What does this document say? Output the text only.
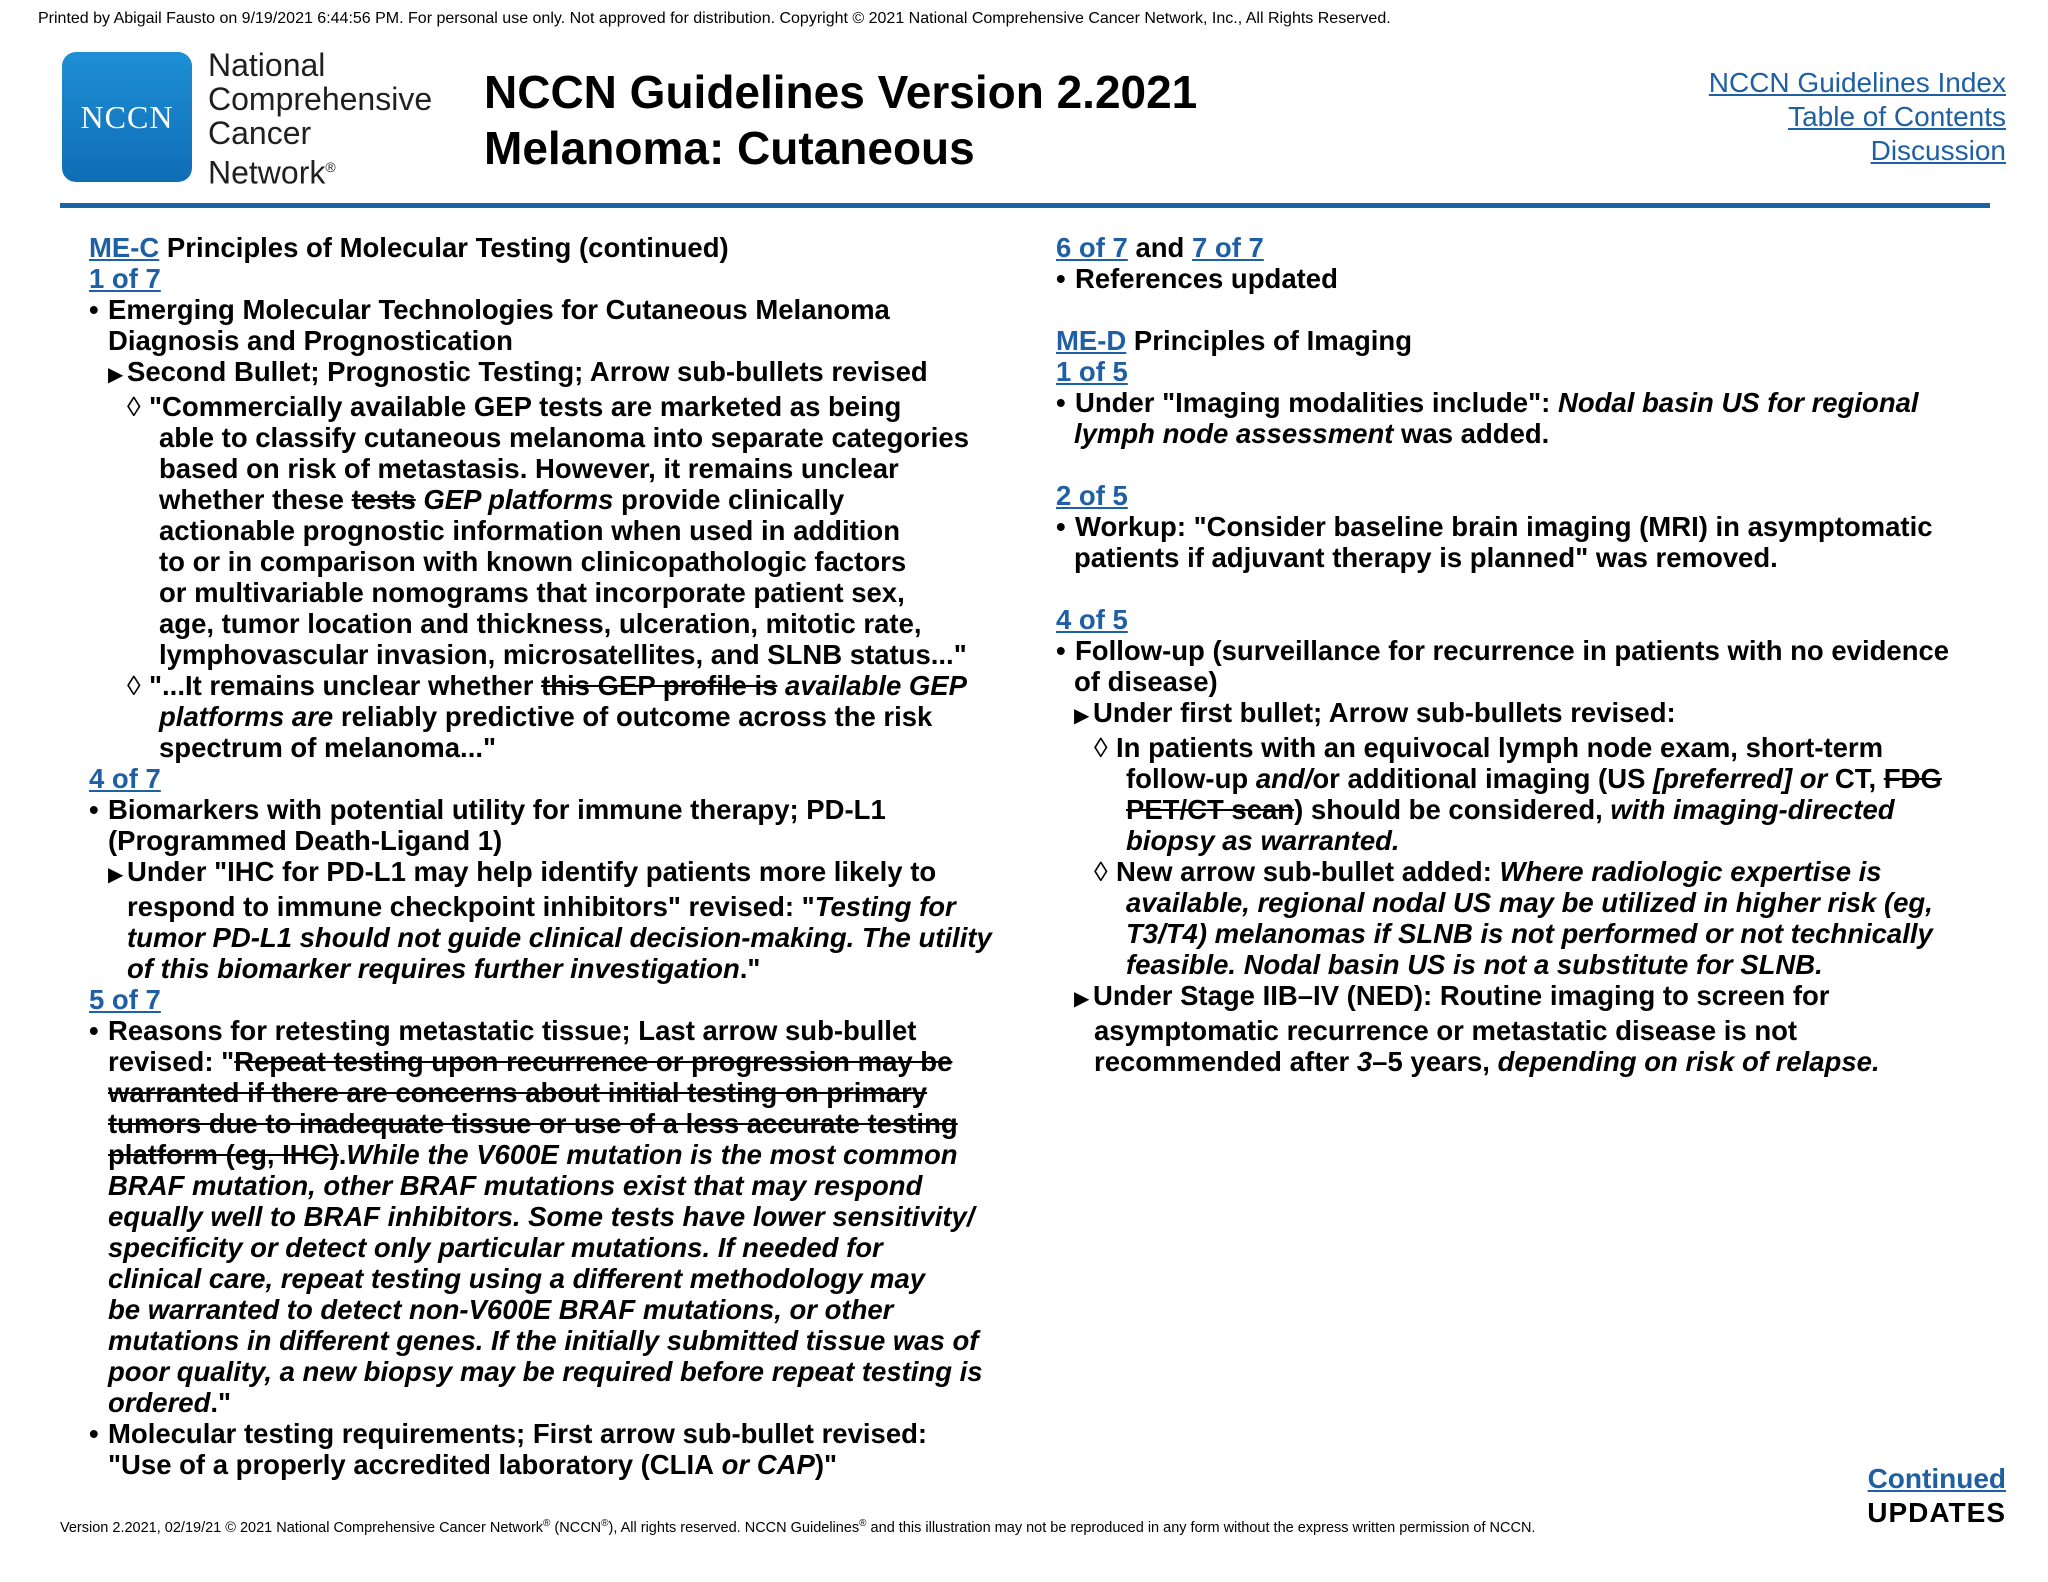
Printed by Abigail Fausto on 9/19/2021 6:44:56 PM. For personal use only. Not approved for distribution. Copyright © 2021 National Comprehensive Cancer Network, Inc., All Rights Reserved.
NCCN
National
Comprehensive
Cancer
Network®
NCCN Guidelines Version 2.2021
Melanoma: Cutaneous
NCCN Guidelines Index
Table of Contents
Discussion
ME-C Principles of Molecular Testing (continued)
1 of 7
• Emerging Molecular Technologies for Cutaneous Melanoma
Diagnosis and Prognostication
▶ Second Bullet; Prognostic Testing; Arrow sub-bullets revised
◊ "Commercially available GEP tests are marketed as being
able to classify cutaneous melanoma into separate categories
based on risk of metastasis. However, it remains unclear
whether these tests GEP platforms provide clinically
actionable prognostic information when used in addition
to or in comparison with known clinicopathologic factors
or multivariable nomograms that incorporate patient sex,
age, tumor location and thickness, ulceration, mitotic rate,
lymphovascular invasion, microsatellites, and SLNB status..."
◊ "...It remains unclear whether this GEP profile is available GEP
platforms are reliably predictive of outcome across the risk
spectrum of melanoma..."
4 of 7
• Biomarkers with potential utility for immune therapy; PD-L1
(Programmed Death-Ligand 1)
▶ Under "IHC for PD-L1 may help identify patients more likely to
respond to immune checkpoint inhibitors" revised: "Testing for
tumor PD-L1 should not guide clinical decision-making. The utility
of this biomarker requires further investigation."
5 of 7
• Reasons for retesting metastatic tissue; Last arrow sub-bullet
revised: "Repeat testing upon recurrence or progression may be
warranted if there are concerns about initial testing on primary
tumors due to inadequate tissue or use of a less accurate testing
platform (eg, IHC).While the V600E mutation is the most common
BRAF mutation, other BRAF mutations exist that may respond
equally well to BRAF inhibitors. Some tests have lower sensitivity/
specificity or detect only particular mutations. If needed for
clinical care, repeat testing using a different methodology may
be warranted to detect non-V600E BRAF mutations, or other
mutations in different genes. If the initially submitted tissue was of
poor quality, a new biopsy may be required before repeat testing is
ordered."
• Molecular testing requirements; First arrow sub-bullet revised:
"Use of a properly accredited laboratory (CLIA or CAP)"
6 of 7 and 7 of 7
• References updated
ME-D Principles of Imaging
1 of 5
• Under "Imaging modalities include": Nodal basin US for regional
lymph node assessment was added.
2 of 5
• Workup: "Consider baseline brain imaging (MRI) in asymptomatic
patients if adjuvant therapy is planned" was removed.
4 of 5
• Follow-up (surveillance for recurrence in patients with no evidence
of disease)
▶ Under first bullet; Arrow sub-bullets revised:
◊ In patients with an equivocal lymph node exam, short-term
follow-up and/or additional imaging (US [preferred] or CT, FDG
PET/CT scan) should be considered, with imaging-directed
biopsy as warranted.
◊ New arrow sub-bullet added: Where radiologic expertise is
available, regional nodal US may be utilized in higher risk (eg,
T3/T4) melanomas if SLNB is not performed or not technically
feasible. Nodal basin US is not a substitute for SLNB.
▶ Under Stage IIB–IV (NED): Routine imaging to screen for
asymptomatic recurrence or metastatic disease is not
recommended after 3–5 years, depending on risk of relapse.
Continued
UPDATES
Version 2.2021, 02/19/21 © 2021 National Comprehensive Cancer Network® (NCCN®), All rights reserved. NCCN Guidelines® and this illustration may not be reproduced in any form without the express written permission of NCCN.
